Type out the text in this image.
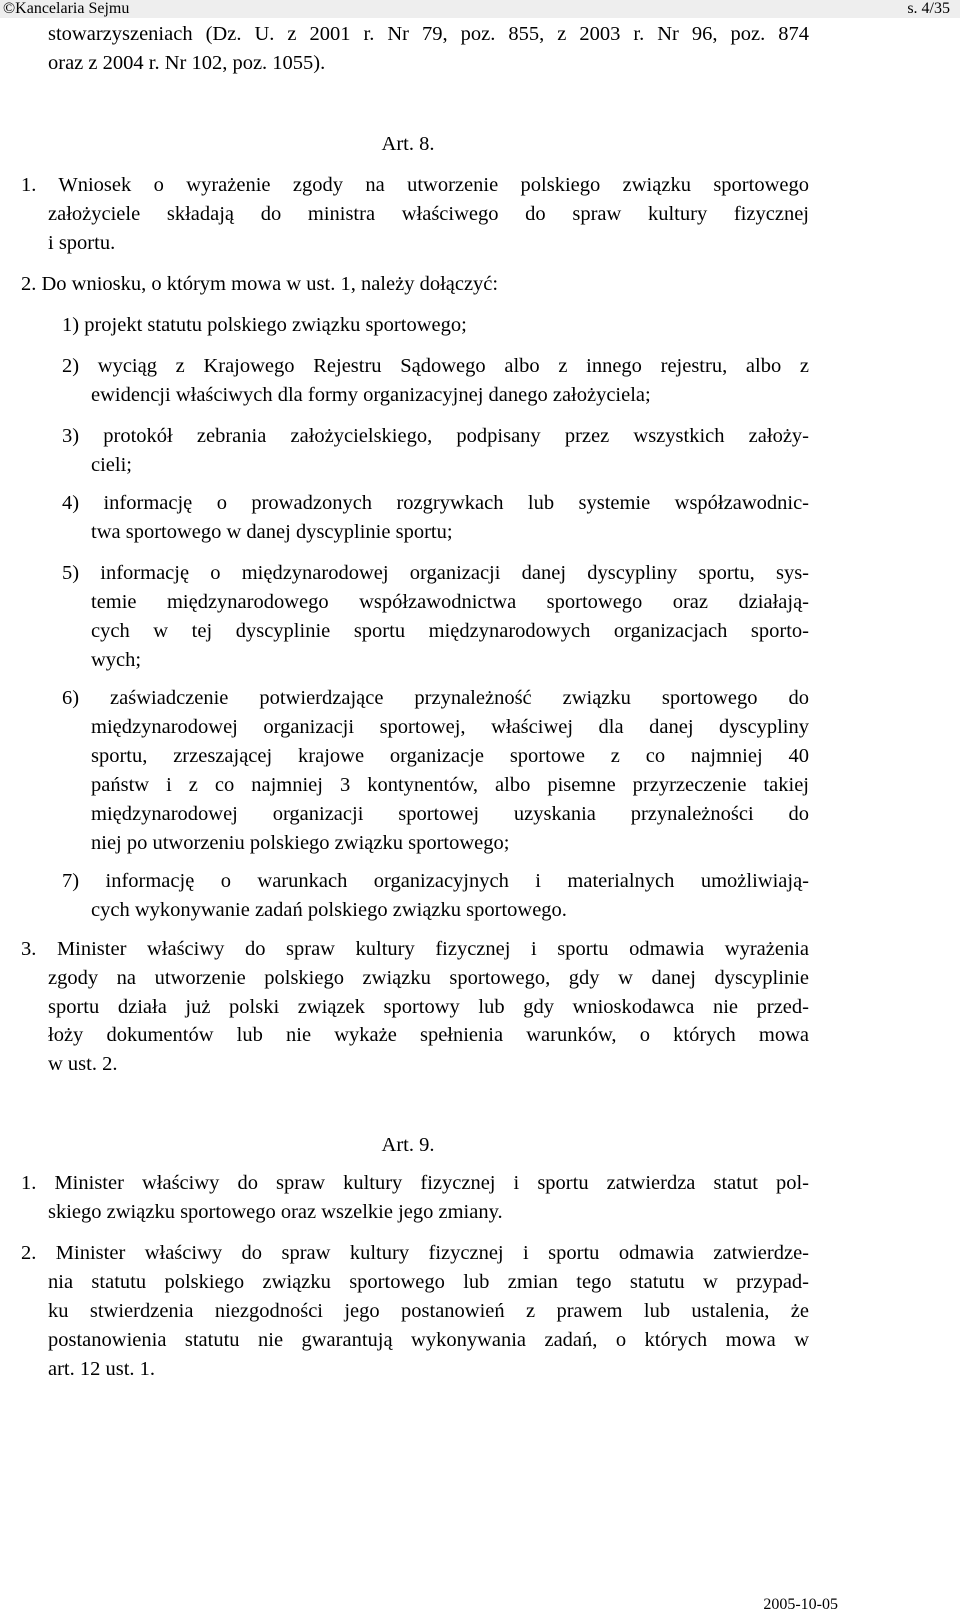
©Kancelaria Sejmu	s. 4/35
stowarzyszeniach (Dz. U. z 2001 r. Nr 79, poz. 855, z 2003 r. Nr 96, poz. 874
oraz z 2004 r. Nr 102, poz. 1055).
Art. 8.
1. Wniosek o wyrażenie zgody na utworzenie polskiego związku sportowego
założyciele składają do ministra właściwego do spraw kultury fizycznej
i sportu.
2. Do wniosku, o którym mowa w ust. 1, należy dołączyć:
1) projekt statutu polskiego związku sportowego;
2) wyciąg z Krajowego Rejestru Sądowego albo z innego rejestru, albo z
ewidencji właściwych dla formy organizacyjnej danego założyciela;
3) protokół zebrania założycielskiego, podpisany przez wszystkich założy-
cieli;
4) informację o prowadzonych rozgrywkach lub systemie współzawodnic-
twa sportowego w danej dyscyplinie sportu;
5) informację o międzynarodowej organizacji danej dyscypliny sportu, sys-
temie międzynarodowego współzawodnictwa sportowego oraz działają-
cych w tej dyscyplinie sportu międzynarodowych organizacjach sporto-
wych;
6) zaświadczenie potwierdzające przynależność związku sportowego do
międzynarodowej organizacji sportowej, właściwej dla danej dyscypliny
sportu, zrzeszającej krajowe organizacje sportowe z co najmniej 40
państw i z co najmniej 3 kontynentów, albo pisemne przyrzeczenie takiej
międzynarodowej organizacji sportowej uzyskania przynależności do
niej po utworzeniu polskiego związku sportowego;
7) informację o warunkach organizacyjnych i materialnych umożliwiają-
cych wykonywanie zadań polskiego związku sportowego.
3. Minister właściwy do spraw kultury fizycznej i sportu odmawia wyrażenia
zgody na utworzenie polskiego związku sportowego, gdy w danej dyscyplinie
sportu działa już polski związek sportowy lub gdy wnioskodawca nie przed-
łoży dokumentów lub nie wykaże spełnienia warunków, o których mowa
w ust. 2.
Art. 9.
1. Minister właściwy do spraw kultury fizycznej i sportu zatwierdza statut pol-
skiego związku sportowego oraz wszelkie jego zmiany.
2. Minister właściwy do spraw kultury fizycznej i sportu odmawia zatwierdze-
nia statutu polskiego związku sportowego lub zmian tego statutu w przypad-
ku stwierdzenia niezgodności jego postanowień z prawem lub ustalenia, że
postanowienia statutu nie gwarantują wykonywania zadań, o których mowa w
art. 12 ust. 1.
2005-10-05
